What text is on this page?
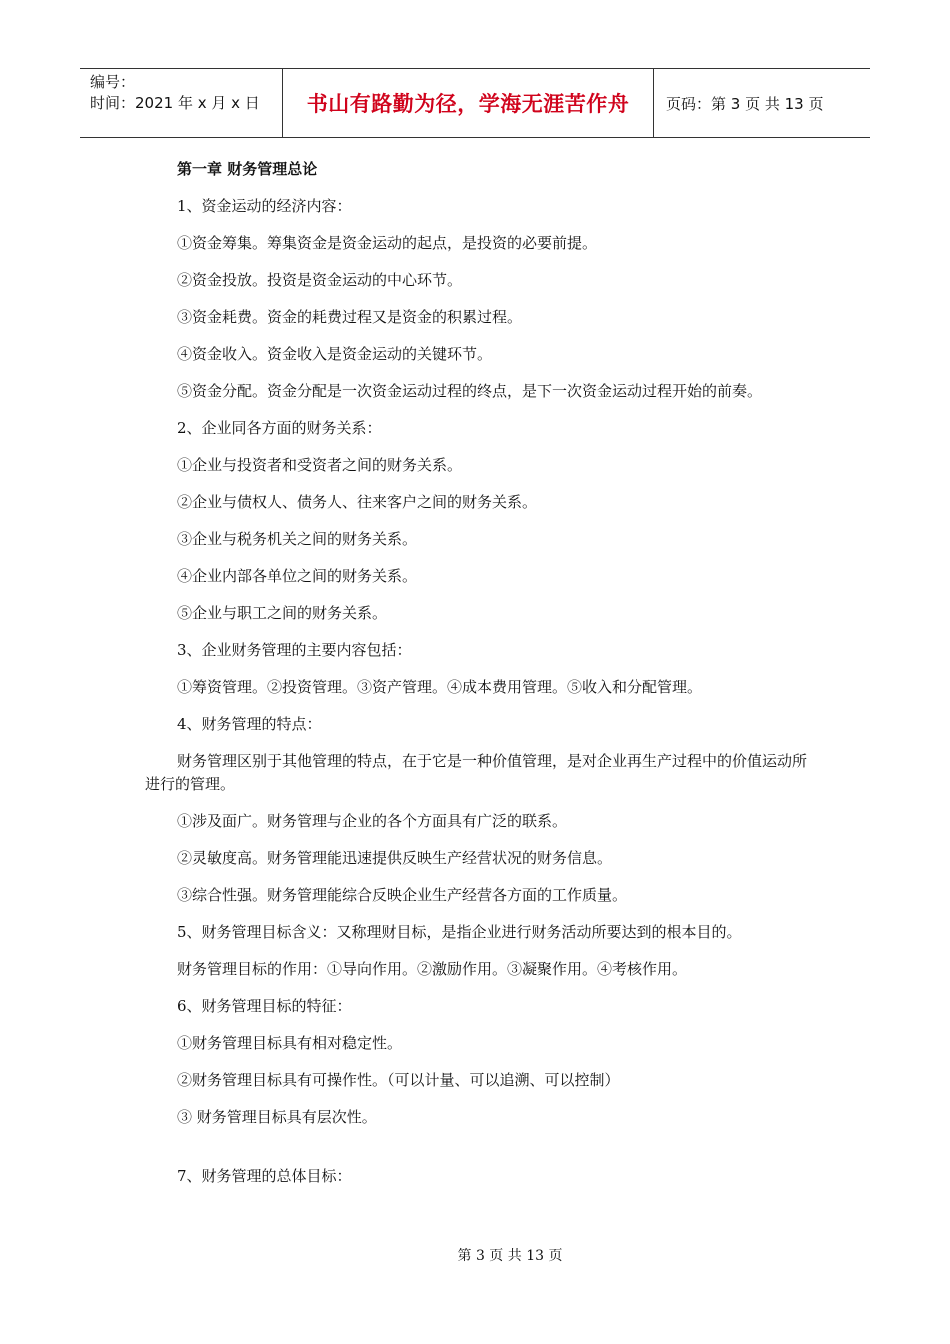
编号：
时间：2021 年 x 月 x 日	书山有路勤为径，学海无涯苦作舟 页码：第 3 页 共 13 页

第一章 财务管理总论

1、资金运动的经济内容：

①资金筹集。筹集资金是资金运动的起点，是投资的必要前提。

②资金投放。投资是资金运动的中心环节。

③资金耗费。资金的耗费过程又是资金的积累过程。

④资金收入。资金收入是资金运动的关键环节。

⑤资金分配。资金分配是一次资金运动过程的终点，是下一次资金运动过程开始的前奏。

2、企业同各方面的财务关系：

①企业与投资者和受资者之间的财务关系。

②企业与债权人、债务人、往来客户之间的财务关系。

③企业与税务机关之间的财务关系。

④企业内部各单位之间的财务关系。

⑤企业与职工之间的财务关系。

3、企业财务管理的主要内容包括：

①筹资管理。②投资管理。③资产管理。④成本费用管理。⑤收入和分配管理。

4、财务管理的特点：

财务管理区别于其他管理的特点，在于它是一种价值管理，是对企业再生产过程中的价值运动所进行的管理。

①涉及面广。财务管理与企业的各个方面具有广泛的联系。

②灵敏度高。财务管理能迅速提供反映生产经营状况的财务信息。

③综合性强。财务管理能综合反映企业生产经营各方面的工作质量。

5、财务管理目标含义：又称理财目标，是指企业进行财务活动所要达到的根本目的。

财务管理目标的作用：①导向作用。②激励作用。③凝聚作用。④考核作用。

6、财务管理目标的特征：

①财务管理目标具有相对稳定性。

②财务管理目标具有可操作性。（可以计量、可以追溯、可以控制）

③ 财务管理目标具有层次性。

7、财务管理的总体目标：

第 3 页 共 13 页
